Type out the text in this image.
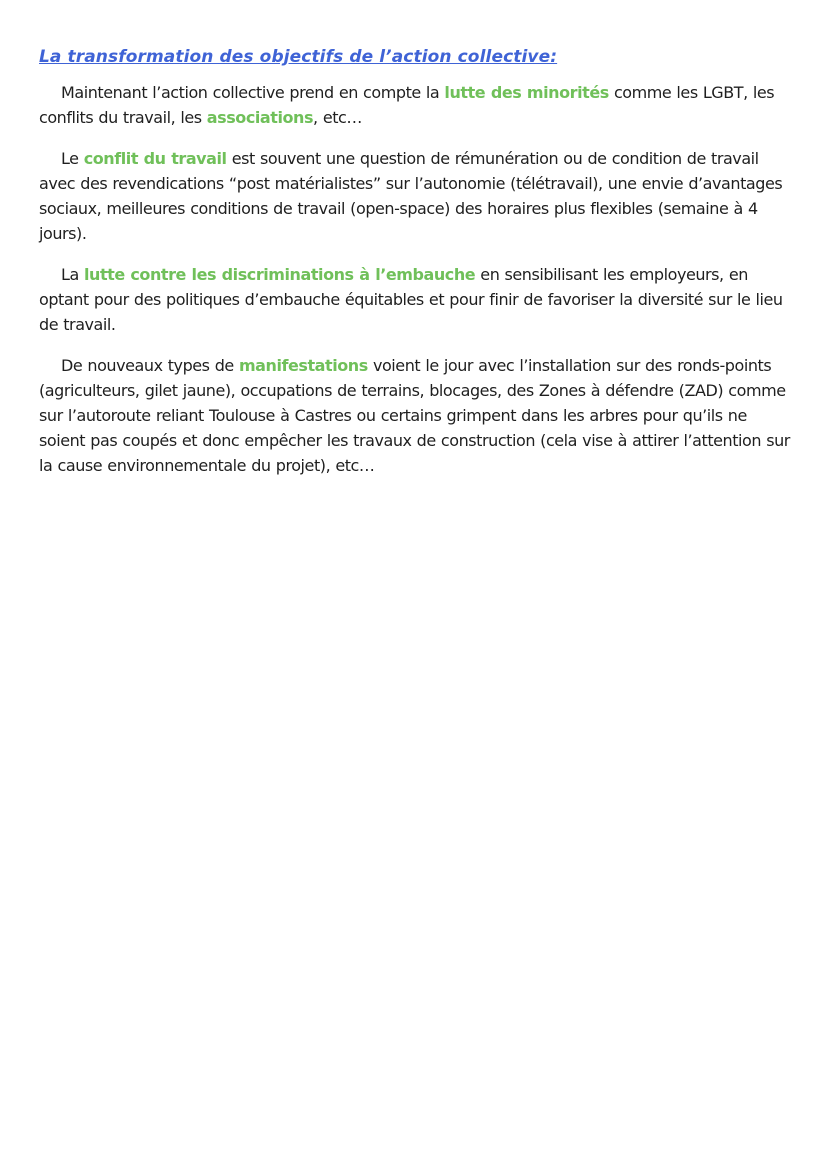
La transformation des objectifs de l’action collective:

Maintenant l’action collective prend en compte la lutte des minorités comme les LGBT, les conflits du travail, les associations, etc…

Le conflit du travail est souvent une question de rémunération ou de condition de travail avec des revendications “post matérialistes” sur l’autonomie (télétravail), une envie d’avantages sociaux, meilleures conditions de travail (open-space) des horaires plus flexibles (semaine à 4 jours).

La lutte contre les discriminations à l’embauche en sensibilisant les employeurs, en optant pour des politiques d’embauche équitables et pour finir de favoriser la diversité sur le lieu de travail.

De nouveaux types de manifestations voient le jour avec l’installation sur des ronds-points (agriculteurs, gilet jaune), occupations de terrains, blocages, des Zones à défendre (ZAD) comme sur l’autoroute reliant Toulouse à Castres ou certains grimpent dans les arbres pour qu’ils ne soient pas coupés et donc empêcher les travaux de construction (cela vise à attirer l’attention sur la cause environnementale du projet), etc…
